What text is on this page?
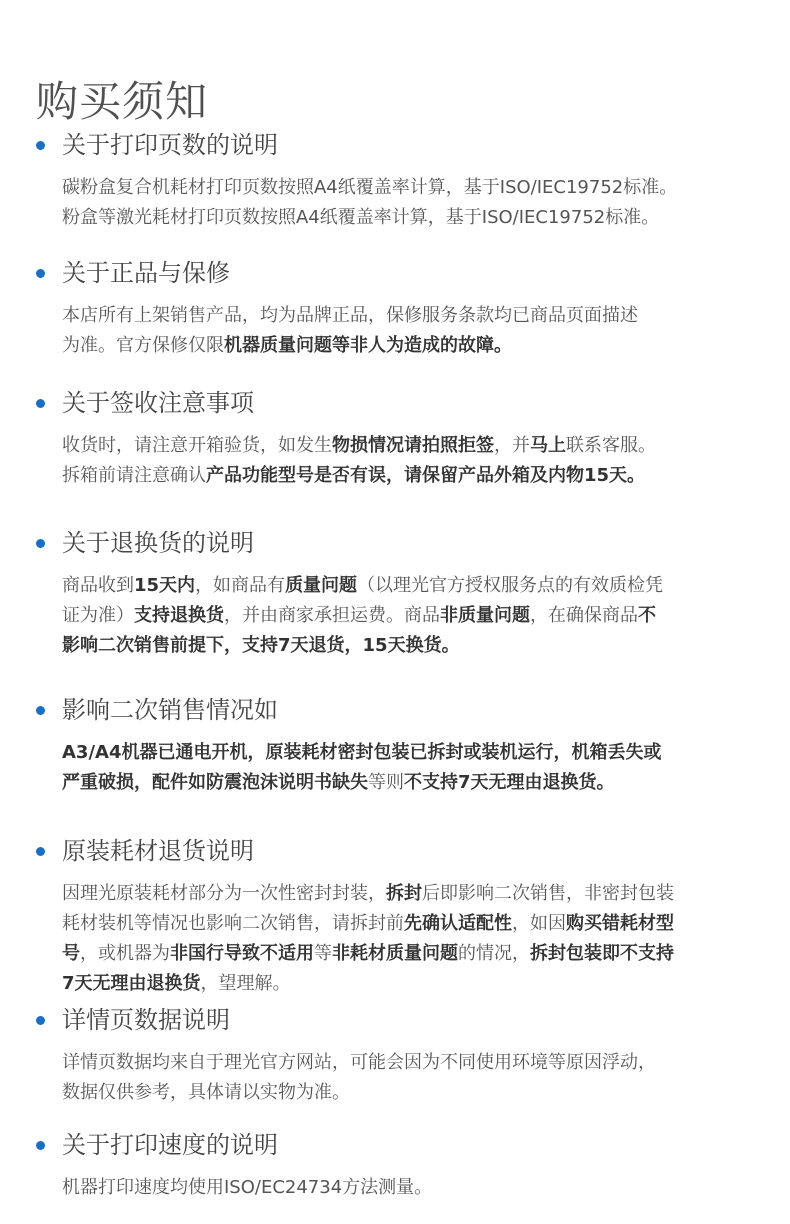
购买须知
关于打印页数的说明
碳粉盒复合机耗材打印页数按照A4纸覆盖率计算，基于ISO/IEC19752标准。
粉盒等激光耗材打印页数按照A4纸覆盖率计算，基于ISO/IEC19752标准。
关于正品与保修
本店所有上架销售产品，均为品牌正品，保修服务条款均已商品页面描述
为准。官方保修仅限机器质量问题等非人为造成的故障。
关于签收注意事项
收货时，请注意开箱验货，如发生物损情况请拍照拒签，并马上联系客服。
拆箱前请注意确认产品功能型号是否有误，请保留产品外箱及内物15天。
关于退换货的说明
商品收到15天内，如商品有质量问题（以理光官方授权服务点的有效质检凭
证为准）支持退换货，并由商家承担运费。商品非质量问题，在确保商品不
影响二次销售前提下，支持7天退货，15天换货。
影响二次销售情况如
A3/A4机器已通电开机，原装耗材密封包装已拆封或装机运行，机箱丢失或
严重破损，配件如防震泡沫说明书缺失等则不支持7天无理由退换货。
原装耗材退货说明
因理光原装耗材部分为一次性密封封装，拆封后即影响二次销售，非密封包装
耗材装机等情况也影响二次销售，请拆封前先确认适配性，如因购买错耗材型
号，或机器为非国行导致不适用等非耗材质量问题的情况，拆封包装即不支持
7天无理由退换货，望理解。
详情页数据说明
详情页数据均来自于理光官方网站，可能会因为不同使用环境等原因浮动，
数据仅供参考，具体请以实物为准。
关于打印速度的说明
机器打印速度均使用ISO/EC24734方法测量。
